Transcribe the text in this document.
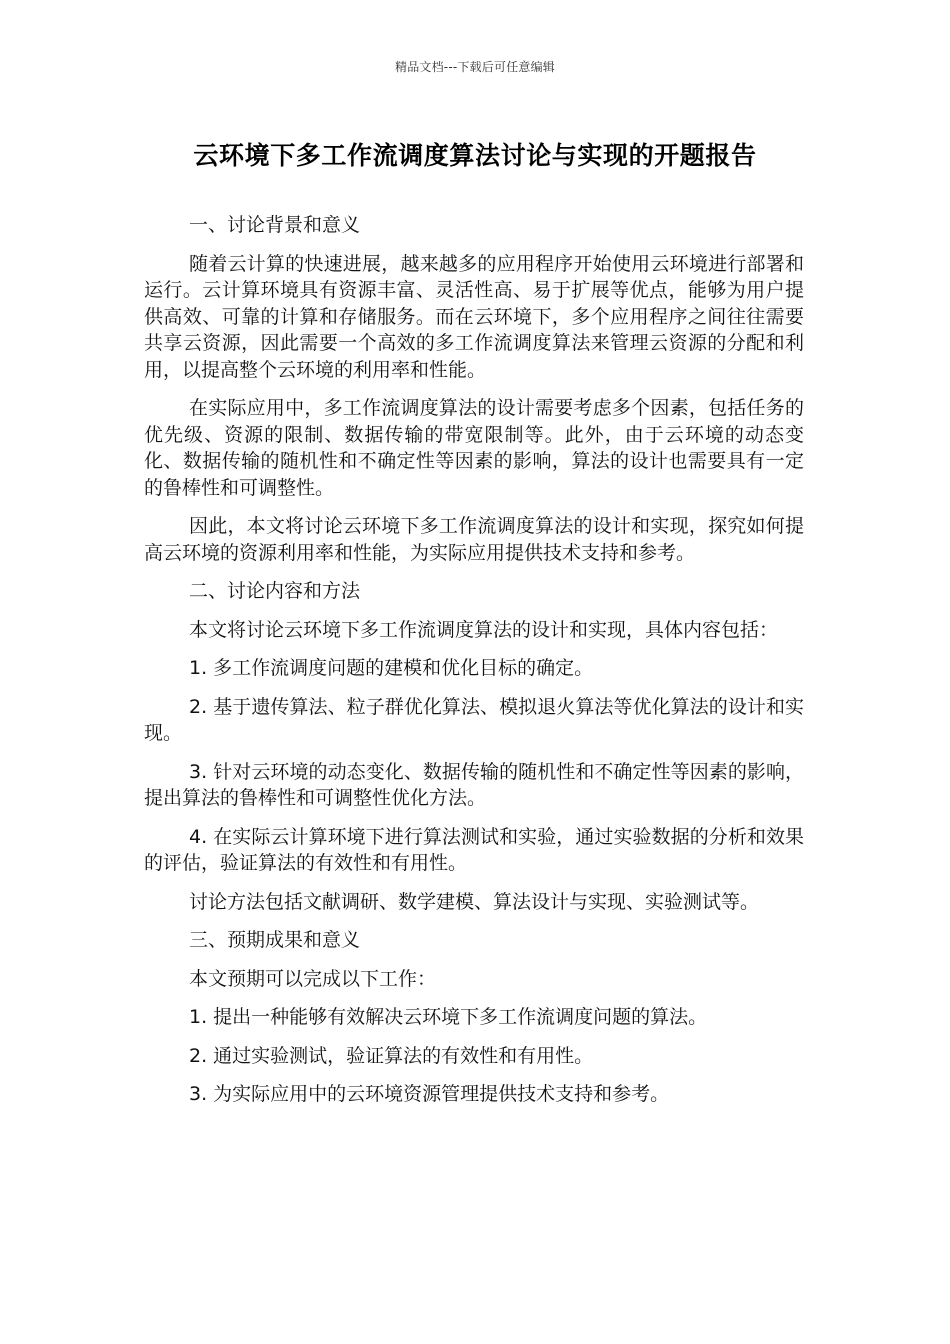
精品文档---下载后可任意编辑
云环境下多工作流调度算法讨论与实现的开题报告

一、讨论背景和意义

随着云计算的快速进展，越来越多的应用程序开始使用云环境进行部署和运行。云计算环境具有资源丰富、灵活性高、易于扩展等优点，能够为用户提供高效、可靠的计算和存储服务。而在云环境下，多个应用程序之间往往需要共享云资源，因此需要一个高效的多工作流调度算法来管理云资源的分配和利用，以提高整个云环境的利用率和性能。

在实际应用中，多工作流调度算法的设计需要考虑多个因素，包括任务的优先级、资源的限制、数据传输的带宽限制等。此外，由于云环境的动态变化、数据传输的随机性和不确定性等因素的影响，算法的设计也需要具有一定的鲁棒性和可调整性。

因此，本文将讨论云环境下多工作流调度算法的设计和实现，探究如何提高云环境的资源利用率和性能，为实际应用提供技术支持和参考。

二、讨论内容和方法

本文将讨论云环境下多工作流调度算法的设计和实现，具体内容包括：

1. 多工作流调度问题的建模和优化目标的确定。

2. 基于遗传算法、粒子群优化算法、模拟退火算法等优化算法的设计和实现。

3. 针对云环境的动态变化、数据传输的随机性和不确定性等因素的影响，提出算法的鲁棒性和可调整性优化方法。

4. 在实际云计算环境下进行算法测试和实验，通过实验数据的分析和效果的评估，验证算法的有效性和有用性。

讨论方法包括文献调研、数学建模、算法设计与实现、实验测试等。

三、预期成果和意义

本文预期可以完成以下工作：

1. 提出一种能够有效解决云环境下多工作流调度问题的算法。

2. 通过实验测试，验证算法的有效性和有用性。

3. 为实际应用中的云环境资源管理提供技术支持和参考。
